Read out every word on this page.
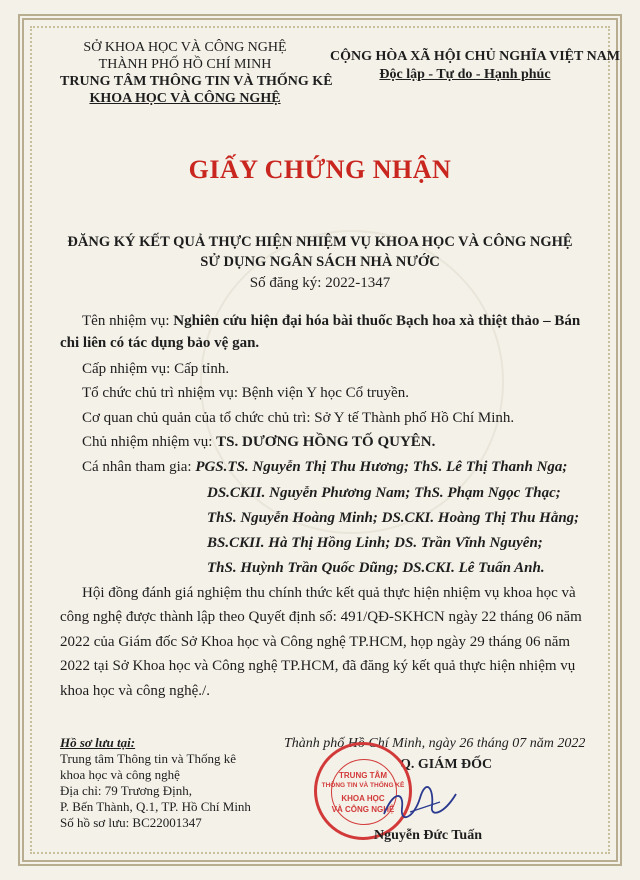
SỞ KHOA HỌC VÀ CÔNG NGHỆ
THÀNH PHỐ HỒ CHÍ MINH
TRUNG TÂM THÔNG TIN VÀ THỐNG KÊ
KHOA HỌC VÀ CÔNG NGHỆ
CỘNG HÒA XÃ HỘI CHỦ NGHĨA VIỆT NAM
Độc lập - Tự do - Hạnh phúc
GIẤY CHỨNG NHẬN
ĐĂNG KÝ KẾT QUẢ THỰC HIỆN NHIỆM VỤ KHOA HỌC VÀ CÔNG NGHỆ
SỬ DỤNG NGÂN SÁCH NHÀ NƯỚC
Số đăng ký: 2022-1347
Tên nhiệm vụ: Nghiên cứu hiện đại hóa bài thuốc Bạch hoa xà thiệt thảo – Bán
chi liên có tác dụng bảo vệ gan.
Cấp nhiệm vụ: Cấp tỉnh.
Tổ chức chủ trì nhiệm vụ: Bệnh viện Y học Cổ truyền.
Cơ quan chủ quản của tổ chức chủ trì: Sở Y tế Thành phố Hồ Chí Minh.
Chủ nhiệm nhiệm vụ: TS. DƯƠNG HỒNG TỐ QUYÊN.
Cá nhân tham gia: PGS.TS. Nguyễn Thị Thu Hương; ThS. Lê Thị Thanh Nga;
DS.CKII. Nguyễn Phương Nam; ThS. Phạm Ngọc Thạc;
ThS. Nguyễn Hoàng Minh; DS.CKI. Hoàng Thị Thu Hằng;
BS.CKII. Hà Thị Hồng Linh; DS. Trần Vĩnh Nguyên;
ThS. Huỳnh Trần Quốc Dũng; DS.CKI. Lê Tuấn Anh.
Hội đồng đánh giá nghiệm thu chính thức kết quả thực hiện nhiệm vụ khoa học và
công nghệ được thành lập theo Quyết định số: 491/QĐ-SKHCN ngày 22 tháng 06 năm
2022 của Giám đốc Sở Khoa học và Công nghệ TP.HCM, họp ngày 29 tháng 06 năm
2022 tại Sở Khoa học và Công nghệ TP.HCM, đã đăng ký kết quả thực hiện nhiệm vụ
khoa học và công nghệ./.
Hồ sơ lưu tại:
Trung tâm Thông tin và Thống kê
khoa học và công nghệ
Địa chỉ: 79 Trương Định,
P. Bến Thành, Q.1, TP. Hồ Chí Minh
Số hồ sơ lưu: BC22001347
Thành phố Hồ Chí Minh, ngày 26 tháng 07 năm 2022
Q. GIÁM ĐỐC
TRUNG TÂM
THÔNG TIN VÀ THỐNG KÊ
KHOA HỌC
VÀ CÔNG NGHỆ
Nguyễn Đức Tuấn
